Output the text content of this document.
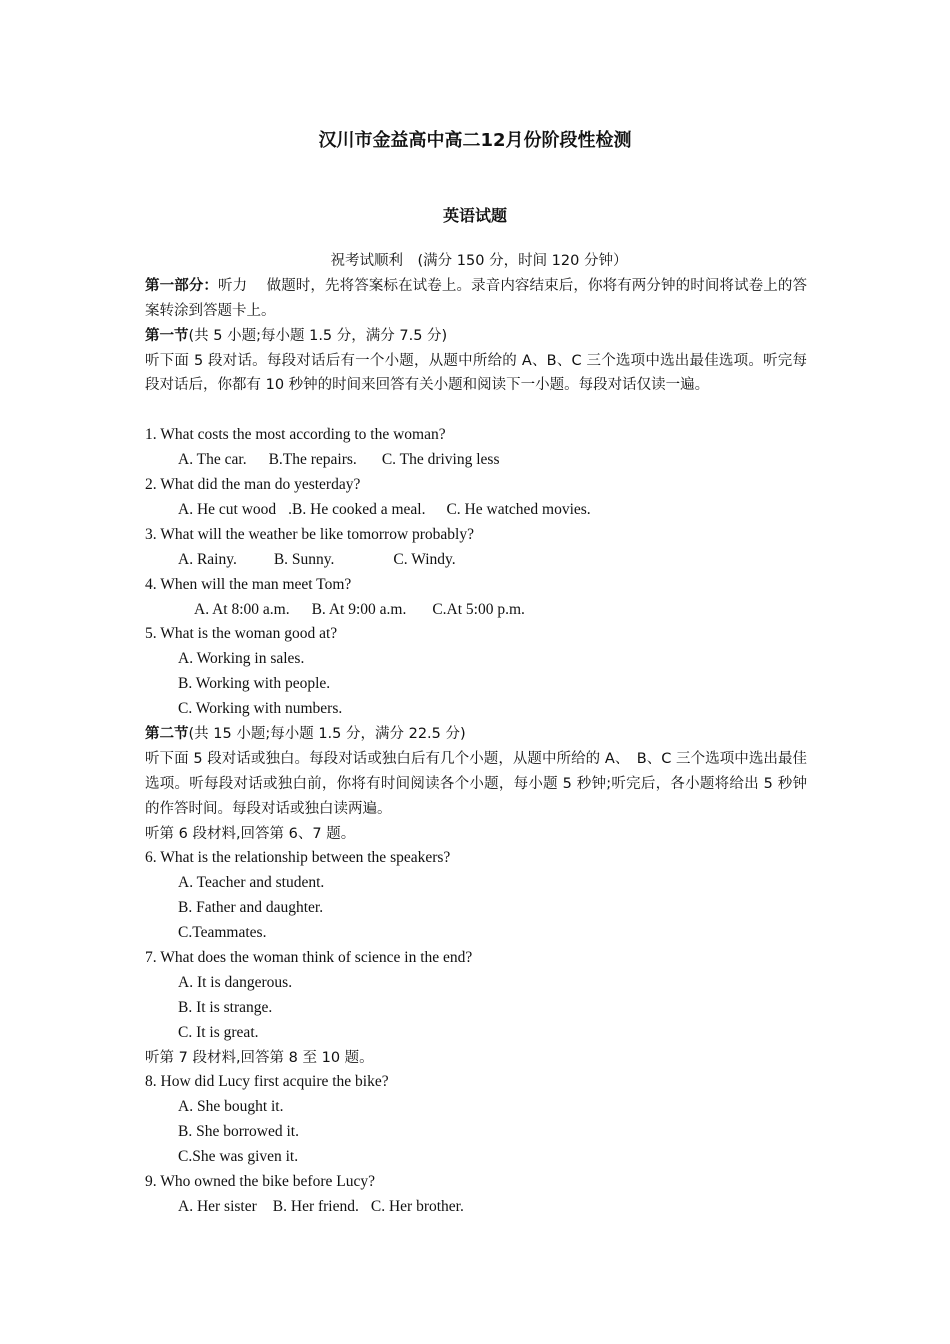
汉川市金益高中高二12月份阶段性检测
英语试题
祝考试顺利　(满分 150 分，时间 120 分钟）
第一部分：听力　 做题时，先将答案标在试卷上。录音内容结束后，你将有两分钟的时间将试卷上的答案转涂到答题卡上。
第一节(共 5 小题;每小题 1.5 分，满分 7.5 分)
听下面 5 段对话。每段对话后有一个小题，从题中所给的 A、B、C 三个选项中选出最佳选项。听完每段对话后，你都有 10 秒钟的时间来回答有关小题和阅读下一小题。每段对话仅读一遍。
1. What costs the most according to the woman?
A. The car. B.The repairs. C. The driving less
2. What did the man do yesterday?
A. He cut wood .B. He cooked a meal. C. He watched movies.
3. What will the weather be like tomorrow probably?
A. Rainy. B. Sunny.	C. Windy.
4. When will the man meet Tom?
A. At 8:00 a.m. B. At 9:00 a.m. C.At 5:00 p.m.
5. What is the woman good at?
A. Working in sales.
B. Working with people.
C. Working with numbers.
第二节(共 15 小题;每小题 1.5 分，满分 22.5 分)
听下面 5 段对话或独白。每段对话或独白后有几个小题，从题中所给的 A、　B、C 三个选项中选出最佳选项。听每段对话或独白前，你将有时间阅读各个小题，每小题 5 秒钟;听完后，各小题将给出 5 秒钟的作答时间。每段对话或独白读两遍。
听第 6 段材料,回答第 6、7 题。
6. What is the relationship between the speakers?
A. Teacher and student.
B. Father and daughter.
C.Teammates.
7. What does the woman think of science in the end?
A. It is dangerous.
B. It is strange.
C. It is great.
听第 7 段材料,回答第 8 至 10 题。
8. How did Lucy first acquire the bike?
A. She bought it.
B. She borrowed it.
C.She was given it.
9. Who owned the bike before Lucy?
A. Her sister B. Her friend. C. Her brother.
